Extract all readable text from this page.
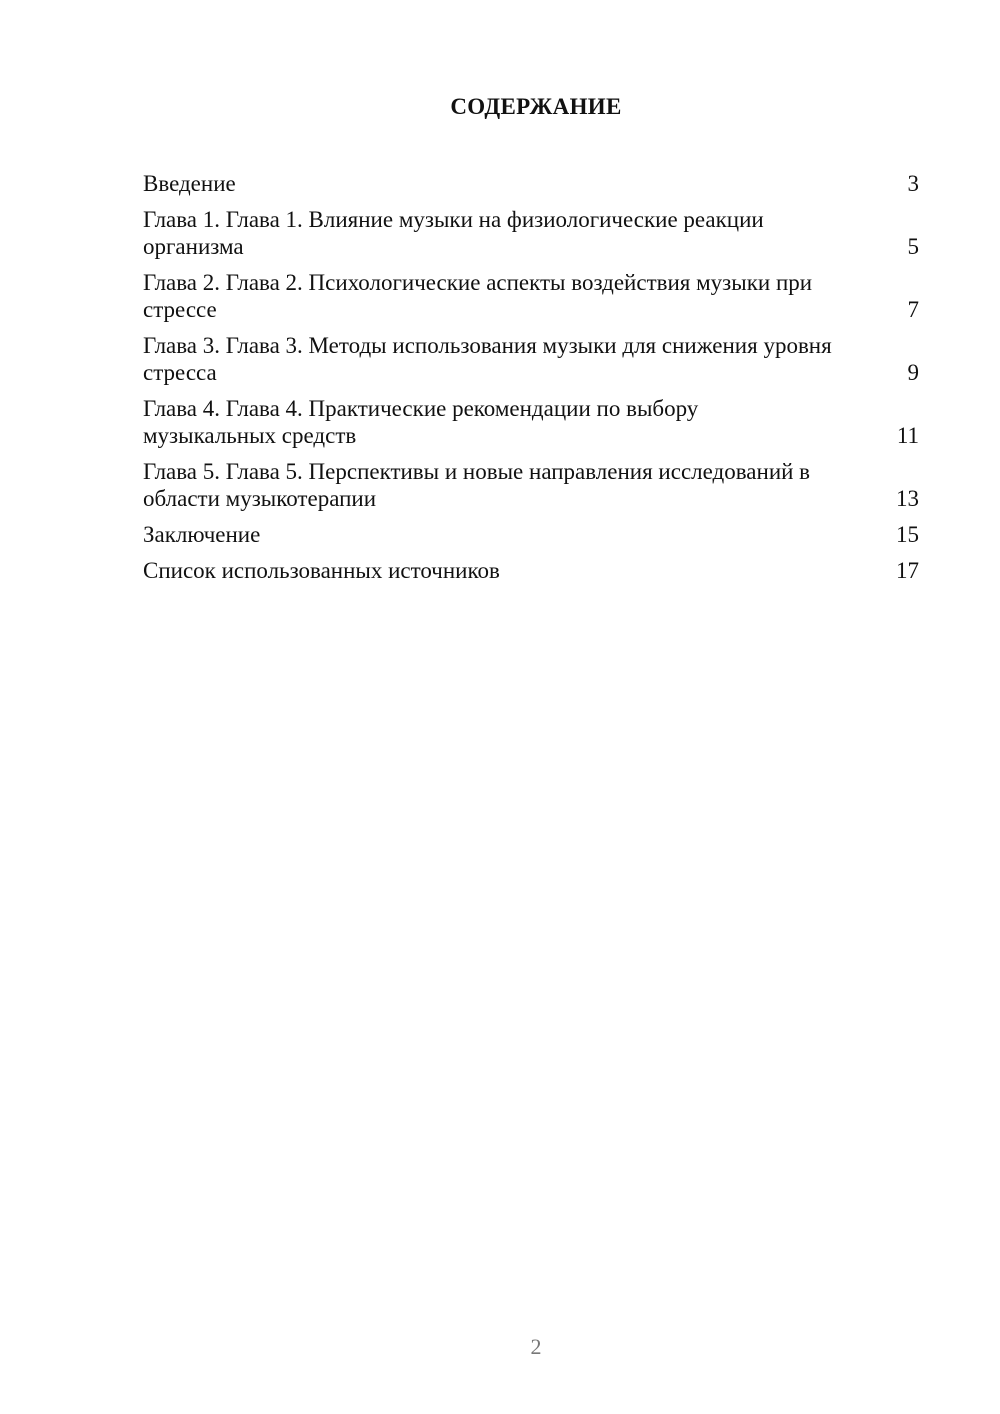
СОДЕРЖАНИЕ
Введение	3
Глава 1. Глава 1. Влияние музыки на физиологические реакции организма	5
Глава 2. Глава 2. Психологические аспекты воздействия музыки при стрессе	7
Глава 3. Глава 3. Методы использования музыки для снижения уровня стресса	9
Глава 4. Глава 4. Практические рекомендации по выбору музыкальных средств	11
Глава 5. Глава 5. Перспективы и новые направления исследований в области музыкотерапии	13
Заключение	15
Список использованных источников	17
2
